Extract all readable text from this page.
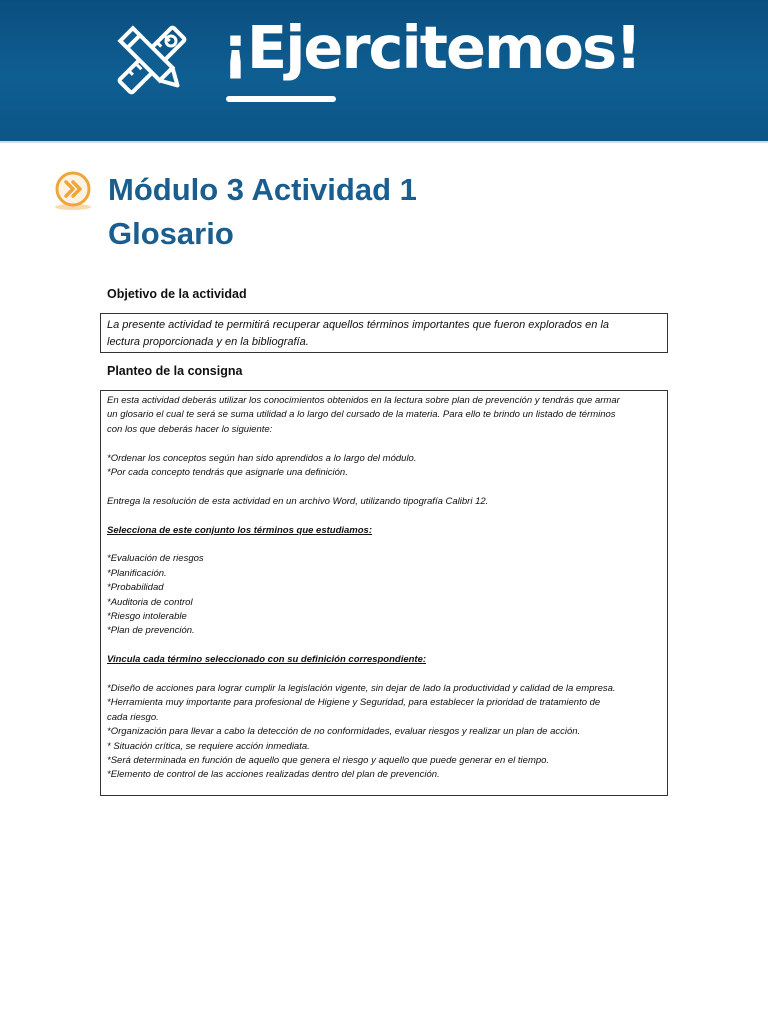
¡Ejercitemos!
Módulo 3 Actividad 1
Glosario
Objetivo de la actividad

La presente actividad te permitirá recuperar aquellos términos importantes que fueron explorados en la

lectura proporcionada y en la bibliografía.

Planteo de la consigna

En esta actividad deberás utilizar los conocimientos obtenidos en la lectura sobre plan de prevención y tendrás que armar

un glosario el cual te será se suma utilidad a lo largo del cursado de la materia. Para ello te brindo un listado de términos

con los que deberás hacer lo siguiente:

*Ordenar los conceptos según han sido aprendidos a lo largo del módulo.

*Por cada concepto tendrás que asignarle una definición.

Entrega la resolución de esta actividad en un archivo Word, utilizando tipografía Calibri 12.

Selecciona de este conjunto los términos que estudiamos:

*Evaluación de riesgos

*Planificación.

*Probabilidad

*Auditoria de control

*Riesgo intolerable

*Plan de prevención.

Vincula cada término seleccionado con su definición correspondiente:

*Diseño de acciones para lograr cumplir la legislación vigente, sin dejar de lado la productividad y calidad de la empresa.

*Herramienta muy importante para profesional de Higiene y Seguridad, para establecer la prioridad de tratamiento de

cada riesgo.

*Organización para llevar a cabo la detección de no conformidades, evaluar riesgos y realizar un plan de acción.

* Situación crítica, se requiere acción inmediata.

*Será determinada en función de aquello que genera el riesgo y aquello que puede generar en el tiempo.

*Elemento de control de las acciones realizadas dentro del plan de prevención.
